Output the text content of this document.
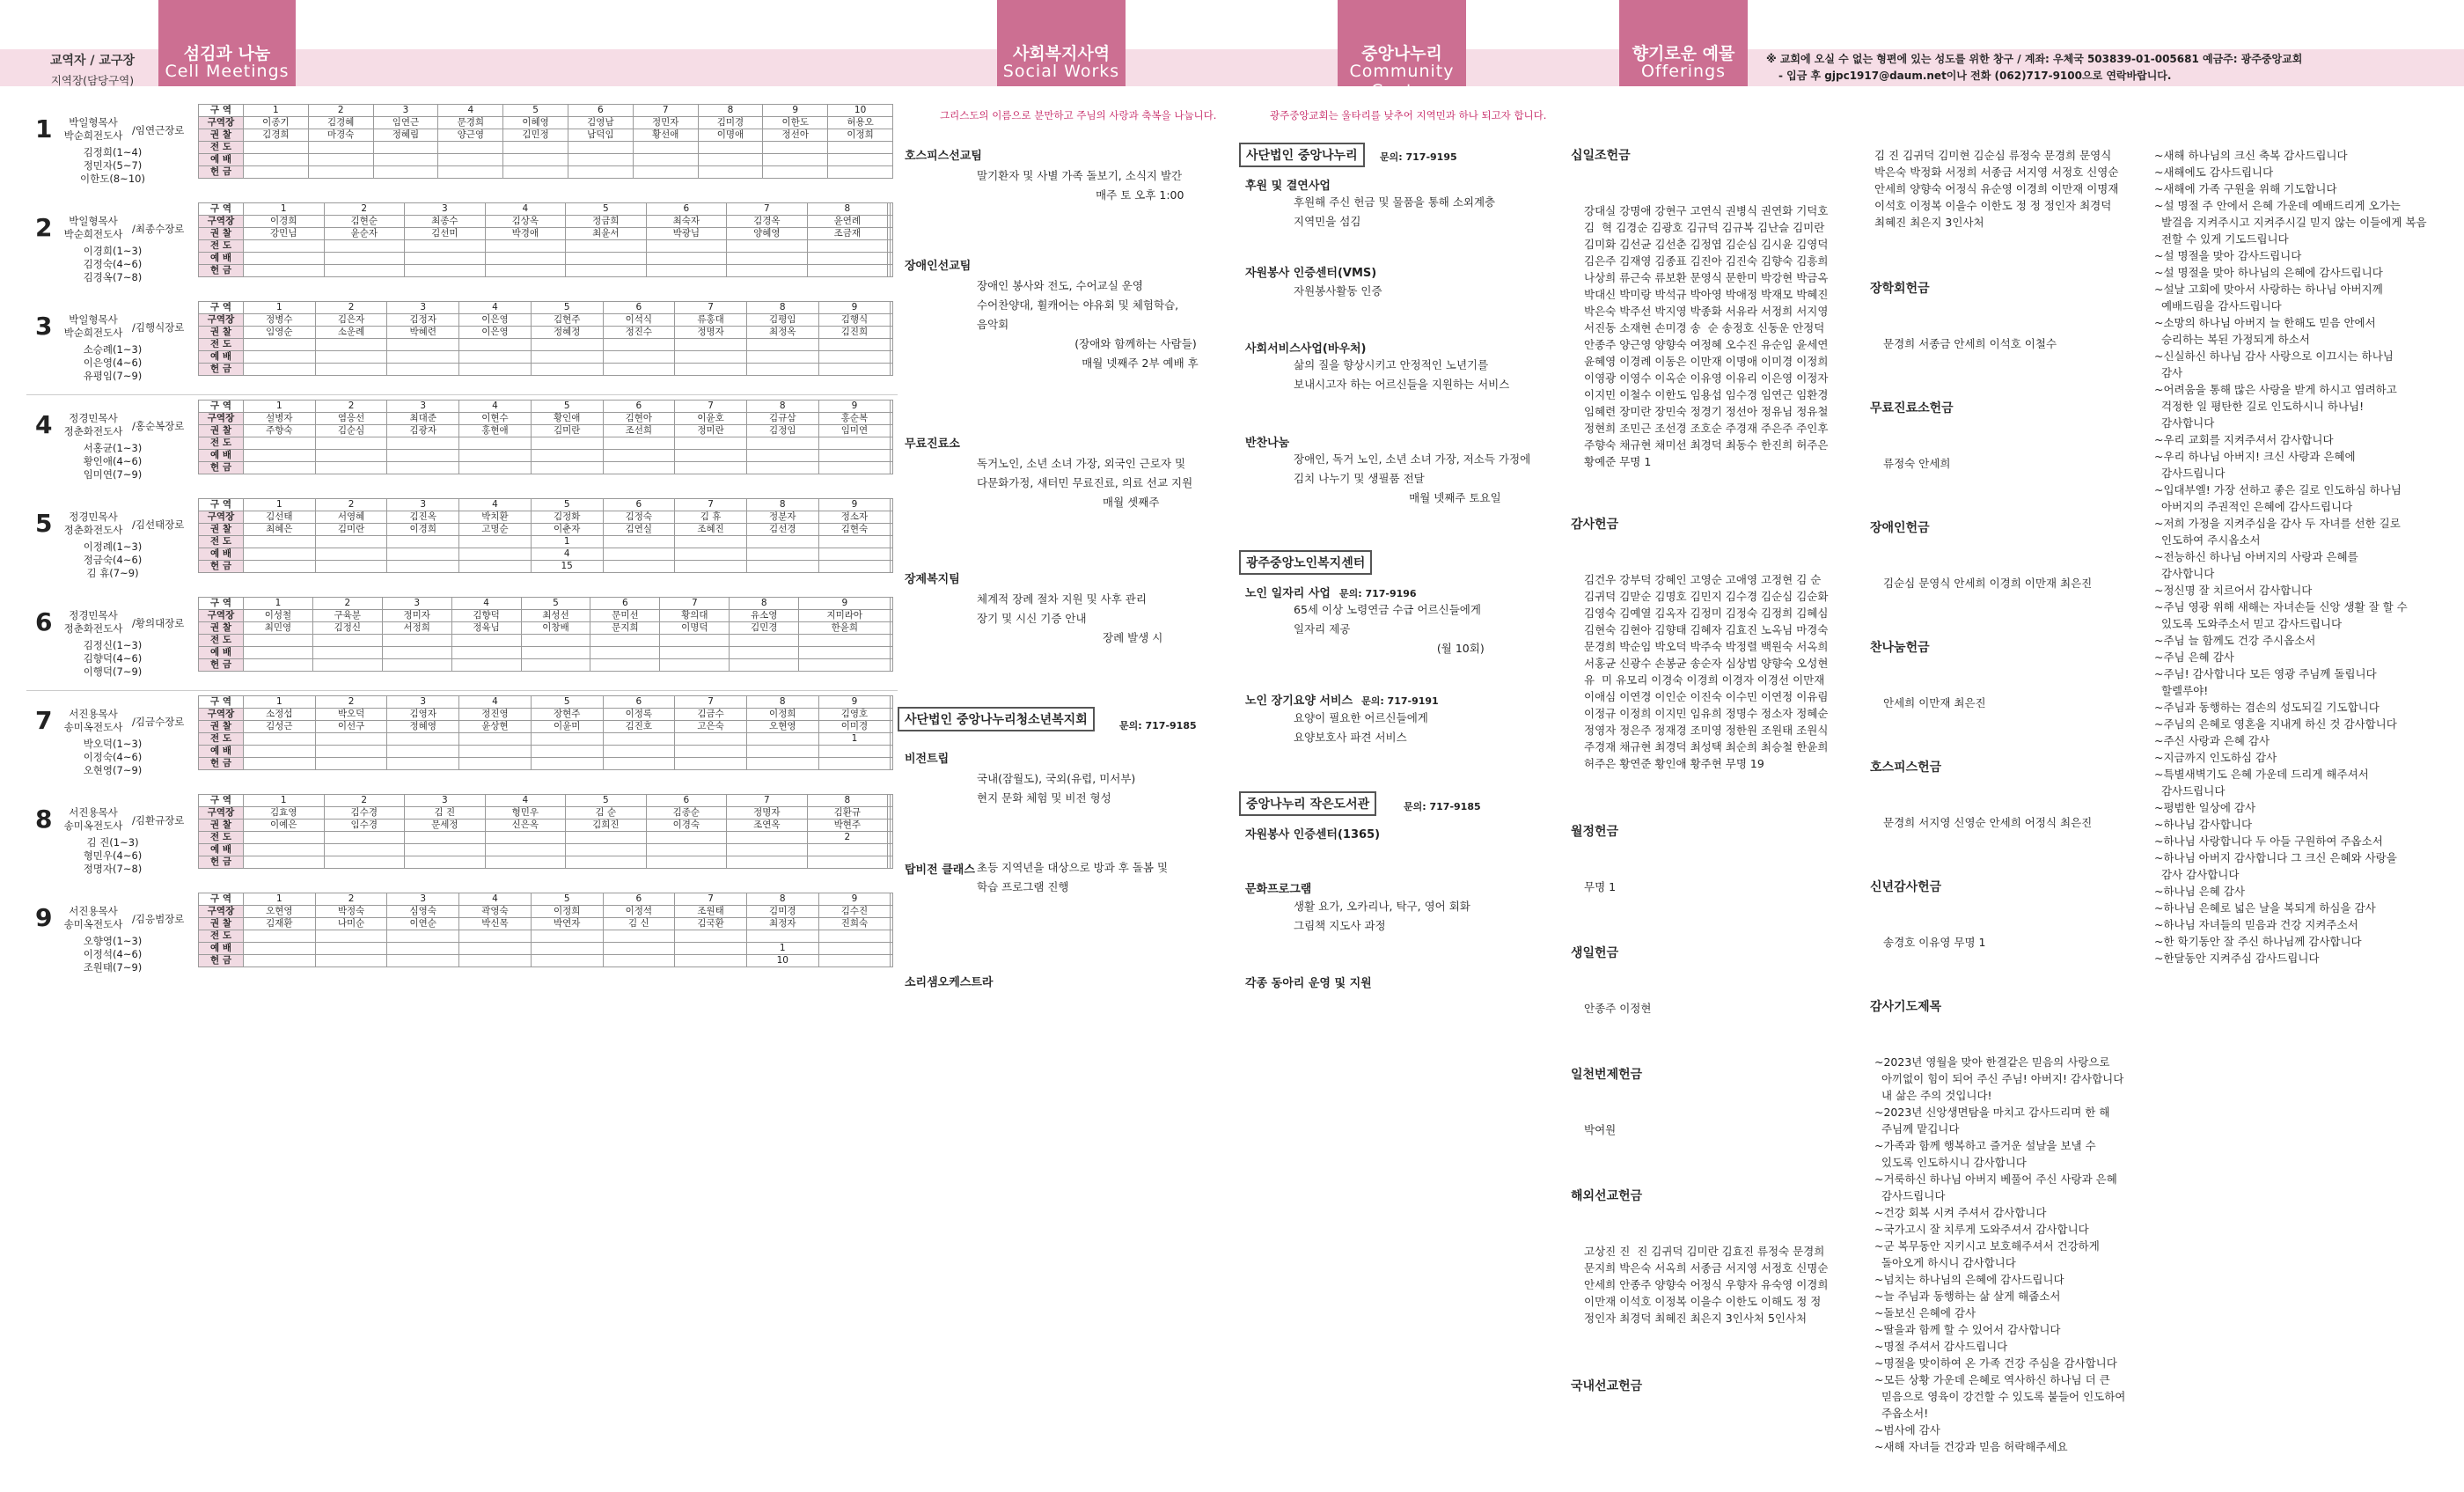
교역자 / 교구장
지역장(담당구역)
섬김과 나눔
Cell Meetings
사회복지사역
Social Works
중앙나누리
Community Center
향기로운 예물
Offerings
※ 교회에 오실 수 없는 형편에 있는 성도를 위한 창구 / 계좌: 우체국 503839-01-005681 예금주: 광주중앙교회
- 입금 후 gjpc1917@daum.net이나 전화 (062)717-9100으로 연락바랍니다.
1	박일형목사
박순희전도사 /임연근장로
김정희(1~4)
정민자(5~7)
이한도(8~10)
구 역	1	2	3	4	5	6	7	8	9	10
구역장	이종기	김경혜	임연근	문경희	이혜영	김영남	정민자	김미경	이한도	허용오
권 찰	김경희	마경숙	정혜림	양근영	김민정	남덕임	황선애	이명애	정선아	이정희
전 도										
예 배										
헌 금										
2	박일형목사
박순희전도사 /최종수장로
이경희(1~3)
김정숙(4~6)
김경옥(7~8)
구 역	1	2	3	4	5	6	7	8		
구역장	이경희	김현순	최종수	김상옥	정금희	최숙자	김경옥	윤연례		
권 찰	강민님	윤순자	김선미	박경애	최윤서	박광님	양혜영	조금재		
전 도										
예 배										
헌 금										
3	박일형목사
박순희전도사 /김행식장로
소승례(1~3)
이은영(4~6)
유평임(7~9)
구 역	1	2	3	4	5	6	7	8	9	
구역장	정병수	김은자	김정자	이은영	김현주	이석식	류홍대	김평임	김행식	
권 찰	임영순	소운례	박혜련	이은영	정혜정	정진수	정명자	최정옥	김진희	
전 도										
예 배										
헌 금										
4	정경민목사
정춘화전도사 /홍순복장로
서홍균(1~3)
황인애(4~6)
임미연(7~9)
구 역	1	2	3	4	5	6	7	8	9	
구역장	설병자	염응선	최대준	이현수	황인애	김현아	이윤호	김규삼	홍순복	
권 찰	주향숙	김순심	김광자	홍현애	김미란	조선희	정미란	김정임	임미연	
전 도										
예 배										
헌 금										
5	정경민목사
정춘화전도사 /김선태장로
이정례(1~3)
정금숙(4~6)
김 휴(7~9)
구 역	1	2	3	4	5	6	7	8	9	
구역장	김선태	서영혜	김진옥	박치환	김정화	김정숙	김 휴	정분자	정소자	
권 찰	최혜은	김미란	이경희	고명순	이춘자	김연실	조혜진	김선경	김현숙	
전 도					1					
예 배					4					
헌 금					15					
6	정경민목사
정춘화전도사 /황의대장로
김정신(1~3)
김향덕(4~6)
이행덕(7~9)
구 역	1	2	3	4	5	6	7	8	9	
구역장	이성철	구육분	정미자	김향덕	최성선	문미선	황의대	유소영	지미라아	
권 찰	최민영	김정신	서정희	정육님	이창배	문지희	이명덕	김민경	한윤희	
전 도										
예 배										
헌 금										
7	서진용목사
송미옥전도사 /김금수장로
박오덕(1~3)
이정숙(4~6)
오현영(7~9)
구 역	1	2	3	4	5	6	7	8	9	
구역장	소정섭	박오덕	김영자	정진영	장현주	이정록	김금수	이정희	김영호	
권 찰	김성근	이선구	정혜영	윤상현	이윤미	김진호	고은숙	오현영	이미경	
전 도									1	
예 배										
헌 금										
8	서진용목사
송미옥전도사 /김환규장로
김 진(1~3)
형민우(4~6)
정명자(7~8)
구 역	1	2	3	4	5	6	7	8		
구역장	김효영	김수경	김 진	형민우	김 순	김종순	정명자	김환규		
권 찰	이예은	임수경	문세정	신은옥	김희진	이경숙	조연옥	박현주		
전 도								2		
예 배										
헌 금										
9	서진용목사
송미옥전도사 /김응범장로
오향영(1~3)
이정석(4~6)
조원태(7~9)
구 역	1	2	3	4	5	6	7	8	9	
구역장	오현영	박정숙	심영숙	곽영숙	이정희	이정석	조원태	김미경	김수진	
권 찰	김재환	나미순	이연순	박신목	박연자	김 신	김국환	최정자	진희숙	
전 도										
예 배								1		
헌 금								10		
그리스도의 이름으로 분만하고 주님의 사랑과 축복을 나눕니다.
호스피스선교팀
말기환자 및 사별 가족 돌보기, 소식지 발간
매주 토 오후 1:00
장애인선교팀
장애인 봉사와 전도, 수어교실 운영
수어찬양대, 휠캐어는 야유회 및 체험학습,
음악회
(장애와 함께하는 사람들)
매월 넷째주 2부 예배 후
무료진료소
독거노인, 소년 소녀 가장, 외국인 근로자 및
다문화가정, 새터민 무료진료, 의료 선교 지원
매월 셋째주
장제복지팀
체계적 장례 절차 지원 및 사후 관리
장기 및 시신 기증 안내
장례 발생 시
사단법인 중앙나누리청소년복지회	문의: 717-9185
비전트립
국내(잠월도), 국외(유럽, 미서부)
현지 문화 체험 및 비전 형성
탑비전 클래스 초등 지역년을 대상으로 방과 후 돌봄 및
학습 프로그램 진행
소리샘오케스트라
광주중앙교회는 울타리를 낮추어 지역민과 하나 되고자 합니다.
사단법인 중앙나누리	문의: 717-9195
후원 및 결연사업
후원해 주신 헌금 및 물품을 통해 소외계층
지역민을 섬김
자원봉사 인증센터(VMS)
자원봉사활동 인증
사회서비스사업(바우처)
삶의 질을 향상시키고 안정적인 노년기를
보내시고자 하는 어르신들을 지원하는 서비스
반찬나눔
장애인, 독거 노인, 소년 소녀 가장, 저소득 가정에
김치 나누기 및 생필품 전달
매월 넷째주 토요일
광주중앙노인복지센터
노인 일자리 사업 문의: 717-9196
65세 이상 노령연금 수급 어르신들에게
일자리 제공
(월 10회)
노인 장기요양 서비스 문의: 717-9191
요양이 필요한 어르신들에게
요양보호사 파견 서비스
중앙나누리 작은도서관	문의: 717-9185
자원봉사 인증센터(1365)
문화프로그램
생활 요가, 오카리나, 탁구, 영어 회화
그림책 지도사 과정
각종 동아리 운영 및 지원

십일조헌금

강대실 강명애 강현구 고연식 권병식 권연화 기덕호
김  혁 김경순 김광호 김규덕 김규복 김난슬 김미란
김미화 김선균 김선춘 김정엽 김순심 김시윤 김영덕
김은주 김재영 김종표 김진아 김진숙 김향숙 김흥희
나상희 류근숙 류보환 문영식 문한미 박강현 박금옥
박대신 박미랑 박석규 박아영 박애정 박재모 박혜진
박은숙 박주선 박지영 박종화 서유라 서정희 서지영
서진동 소재현 손미경 송  순 송정호 신동운 안정덕
안종주 양근영 양향숙 여정혜 오수진 유순임 윤세연
윤혜영 이경례 이동은 이만재 이명애 이미경 이정희
이영광 이영수 이옥순 이유영 이유리 이은영 이정자
이지민 이철수 이한도 임용섭 임수경 임연근 임환경
임혜련 장미란 장민숙 정경기 정선아 정유님 정유철
정현희 조민근 조선경 조호순 주경재 주은주 주인후
주향숙 채규현 채미선 최경덕 최동수 한진희 허주은
황예준 무명 1

감사헌금

김건우 강부덕 강혜인 고영순 고애영 고정현 김 순
김귀덕 김맏순 김명호 김민지 김수경 김순심 김순화
김영숙 김예열 김옥자 김정미 김정숙 김정희 김혜심
김현숙 김현아 김향태 김혜자 김효진 노옥님 마경숙
문경희 박순임 박오덕 박주숙 박정렬 백원숙 서옥희
서홍균 신광수 손봉균 송순자 심상범 양향숙 오성현
유  미 유모리 이경숙 이경희 이경자 이경선 이만재
이애심 이연경 이인순 이진숙 이수민 이연정 이유림
이정규 이정희 이지민 임유희 정명수 정소자 정혜순
정영자 정은주 정재경 조미영 정한원 조원태 조원식
주경재 채규현 최경덕 최성택 최순희 최승철 한윤희
허주은 황연준 황인애 황주현 무명 19

월정헌금

무명 1

생일헌금

안종주 이정현

일천번제헌금

박여원

해외선교헌금

고상진 진  진 김귀덕 김미란 김효진 류정숙 문경희
문지희 박은숙 서옥희 서종금 서지영 서정호 신명순
안세희 안종주 양향숙 어정식 우향자 유숙영 이경희
이만재 이석호 이정복 이을수 이한도 이해도 정 정
정인자 최경덕 최혜진 최은지 3인사처 5인사처

국내선교헌금

김 진 김귀덕 김미현 김순심 류정숙 문경희 문영식
박은숙 박정화 서정희 서종금 서지영 서정호 신영순
안세희 양향숙 어정식 유순영 이경희 이만재 이명재
이석호 이정복 이을수 이한도 정 정 정인자 최경덕
최혜진 최은지 3인사처

장학회헌금

문경희 서종금 안세희 이석호 이철수

무료진료소헌금

류정숙 안세희

장애인헌금

김순심 문영식 안세희 이경희 이만재 최은진

찬나눔헌금

안세희 이만재 최은진

호스피스헌금

문경희 서지영 신영순 안세희 어정식 최은진

신년감사헌금

송경호 이유영 무명 1

감사기도제목

~2023년 영월을 맞아 한결같은 믿음의 사랑으로
아끼없이 힘이 되어 주신 주님! 아버지! 감사합니다
내 삶은 주의 것입니다!
~2023년 신앙생면탐을 마치고 감사드리며 한 해
주님께 맡깁니다
~가족과 함께 행복하고 즐거운 설날을 보낼 수
있도록 인도하시니 감사합니다
~거룩하신 하나님 아버지 베풀어 주신 사랑과 은혜
감사드립니다
~건강 회복 시켜 주셔서 감사합니다
~국가고시 잘 치루게 도와주셔서 감사합니다
~군 복무동안 지키시고 보호해주셔서 건강하게
돌아오게 하시니 감사합니다
~넘치는 하나님의 은혜에 감사드립니다
~늘 주님과 동행하는 삶 살게 해줍소서
~돌보신 은혜에 감사
~딸을과 함께 할 수 있어서 감사합니다
~명절 주셔서 감사드립니다
~명절을 맞이하여 온 가족 건강 주심을 감사합니다
~모든 상황 가운데 은혜로 역사하신 하나님 더 큰
믿음으로 영육이 강건할 수 있도록 붙들어 인도하여
주옵소서!
~범사에 감사
~새해 자녀들 건강과 믿음 허락해주세요

~새해 하나님의 크신 축복 감사드립니다
~새해에도 감사드립니다
~새해에 가족 구원을 위해 기도합니다
~설 명절 주 안에서 은혜 가운데 예배드리게 오가는
발걸음 지켜주시고 지켜주시길 믿지 않는 이들에게 복음
전할 수 있게 기도드립니다
~설 명절을 맞아 감사드립니다
~설 명절을 맞아 하나님의 은혜에 감사드립니다
~설날 고회에 맞아서 사랑하는 하나님 아버지께
예배드림을 감사드립니다
~소망의 하나님 아버지 늘 한해도 믿음 안에서
승리하는 복된 가정되게 하소서
~신실하신 하나님 감사 사랑으로 이끄시는 하나님
감사
~어려움을 통해 많은 사랑을 받게 하시고 염려하고
걱정한 일 평탄한 길로 인도하시니 하나님!
감사합니다
~우리 교회를 지켜주셔서 감사합니다
~우리 하나님 아버지! 크신 사랑과 은혜에
감사드립니다
~입대부엘! 가장 선하고 좋은 길로 인도하심 하나님
아버지의 주권적인 은혜에 감사드립니다
~저희 가정을 지켜주심을 감사 두 자녀를 선한 길로
인도하여 주시옵소서
~전능하신 하나님 아버지의 사랑과 은혜를
감사합니다
~정신명 잘 치르어서 감사합니다
~주님 영광 위해 새해는 자녀손들 신앙 생활 잘 할 수
있도록 도와주소서 믿고 감사드립니다
~주님 늘 함께도 건강 주시옵소서
~주님 은혜 감사
~주님! 감사합니다 모든 영광 주님께 돌립니다
할렐루야!
~주님과 동행하는 겸손의 성도되길 기도합니다
~주님의 은혜로 영혼을 지내게 하신 것 감사합니다
~주신 사랑과 은혜 감사
~지금까지 인도하심 감사
~특별새벽기도 은혜 가운데 드리게 해주셔서
감사드립니다
~평범한 일상에 감사
~하나님 감사합니다
~하나님 사랑합니다 두 아들 구원하여 주옵소서
~하나님 아버지 감사합니다 그 크신 은혜와 사랑을
감사 감사합니다
~하나님 은혜 감사
~하나님 은혜로 넓은 날을 복되게 하심을 감사
~하나님 자녀들의 믿음과 건강 지켜주소서
~한 학기동안 잘 주신 하나님께 감사합니다
~한달동안 지켜주심 감사드립니다
